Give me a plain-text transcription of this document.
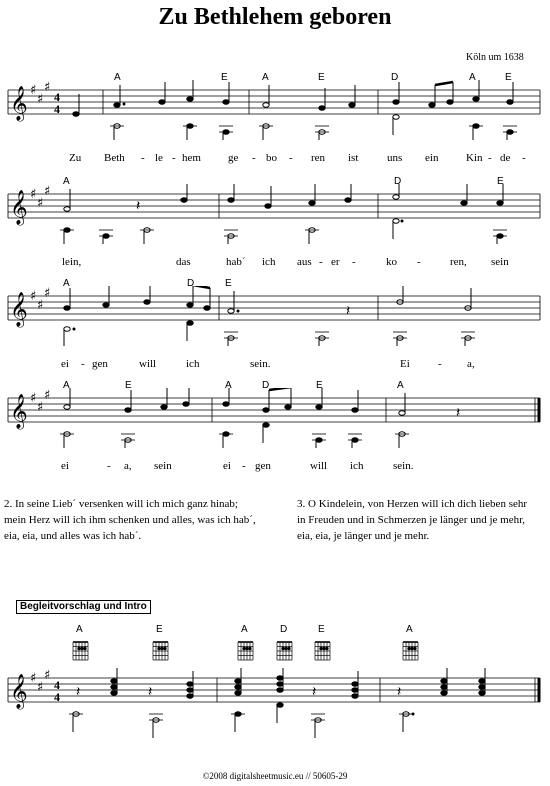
Zu Bethlehem geboren
Köln um 1638
𝄞 ♯
♯
♯
4
4
𝄞 ♯
♯
♯
𝄽
𝄞 ♯
♯
♯
𝄽
𝄞 ♯
♯
♯
𝄽
𝄞 ♯
♯
♯
4
4 𝄽	𝄽	𝄽	𝄽
A	E	A	E	D	A	E
Zu Beth - le - hem ge - bo - ren ist	uns ein	Kin - de -
A	D	E
lein,	das	hab´ ich aus - er -	ko -	ren, sein
A	D	E
ei - gen	will	ich	sein.	Ei	- a,
A	E	A	D	E	A
ei	- a, sein	ei - gen	will ich	sein.
A	E	A	D	E	A
2. In seine Lieb´ versenken will ich mich ganz hinab;
mein Herz will ich ihm schenken und alles, was ich hab´,
eia, eia, und alles was ich hab´.
3. O Kindelein, von Herzen will ich dich lieben sehr
in Freuden und in Schmerzen je länger und je mehr,
eia, eia, je länger und je mehr.
Begleitvorschlag und Intro
©2008 digitalsheetmusic.eu // 50605-29
